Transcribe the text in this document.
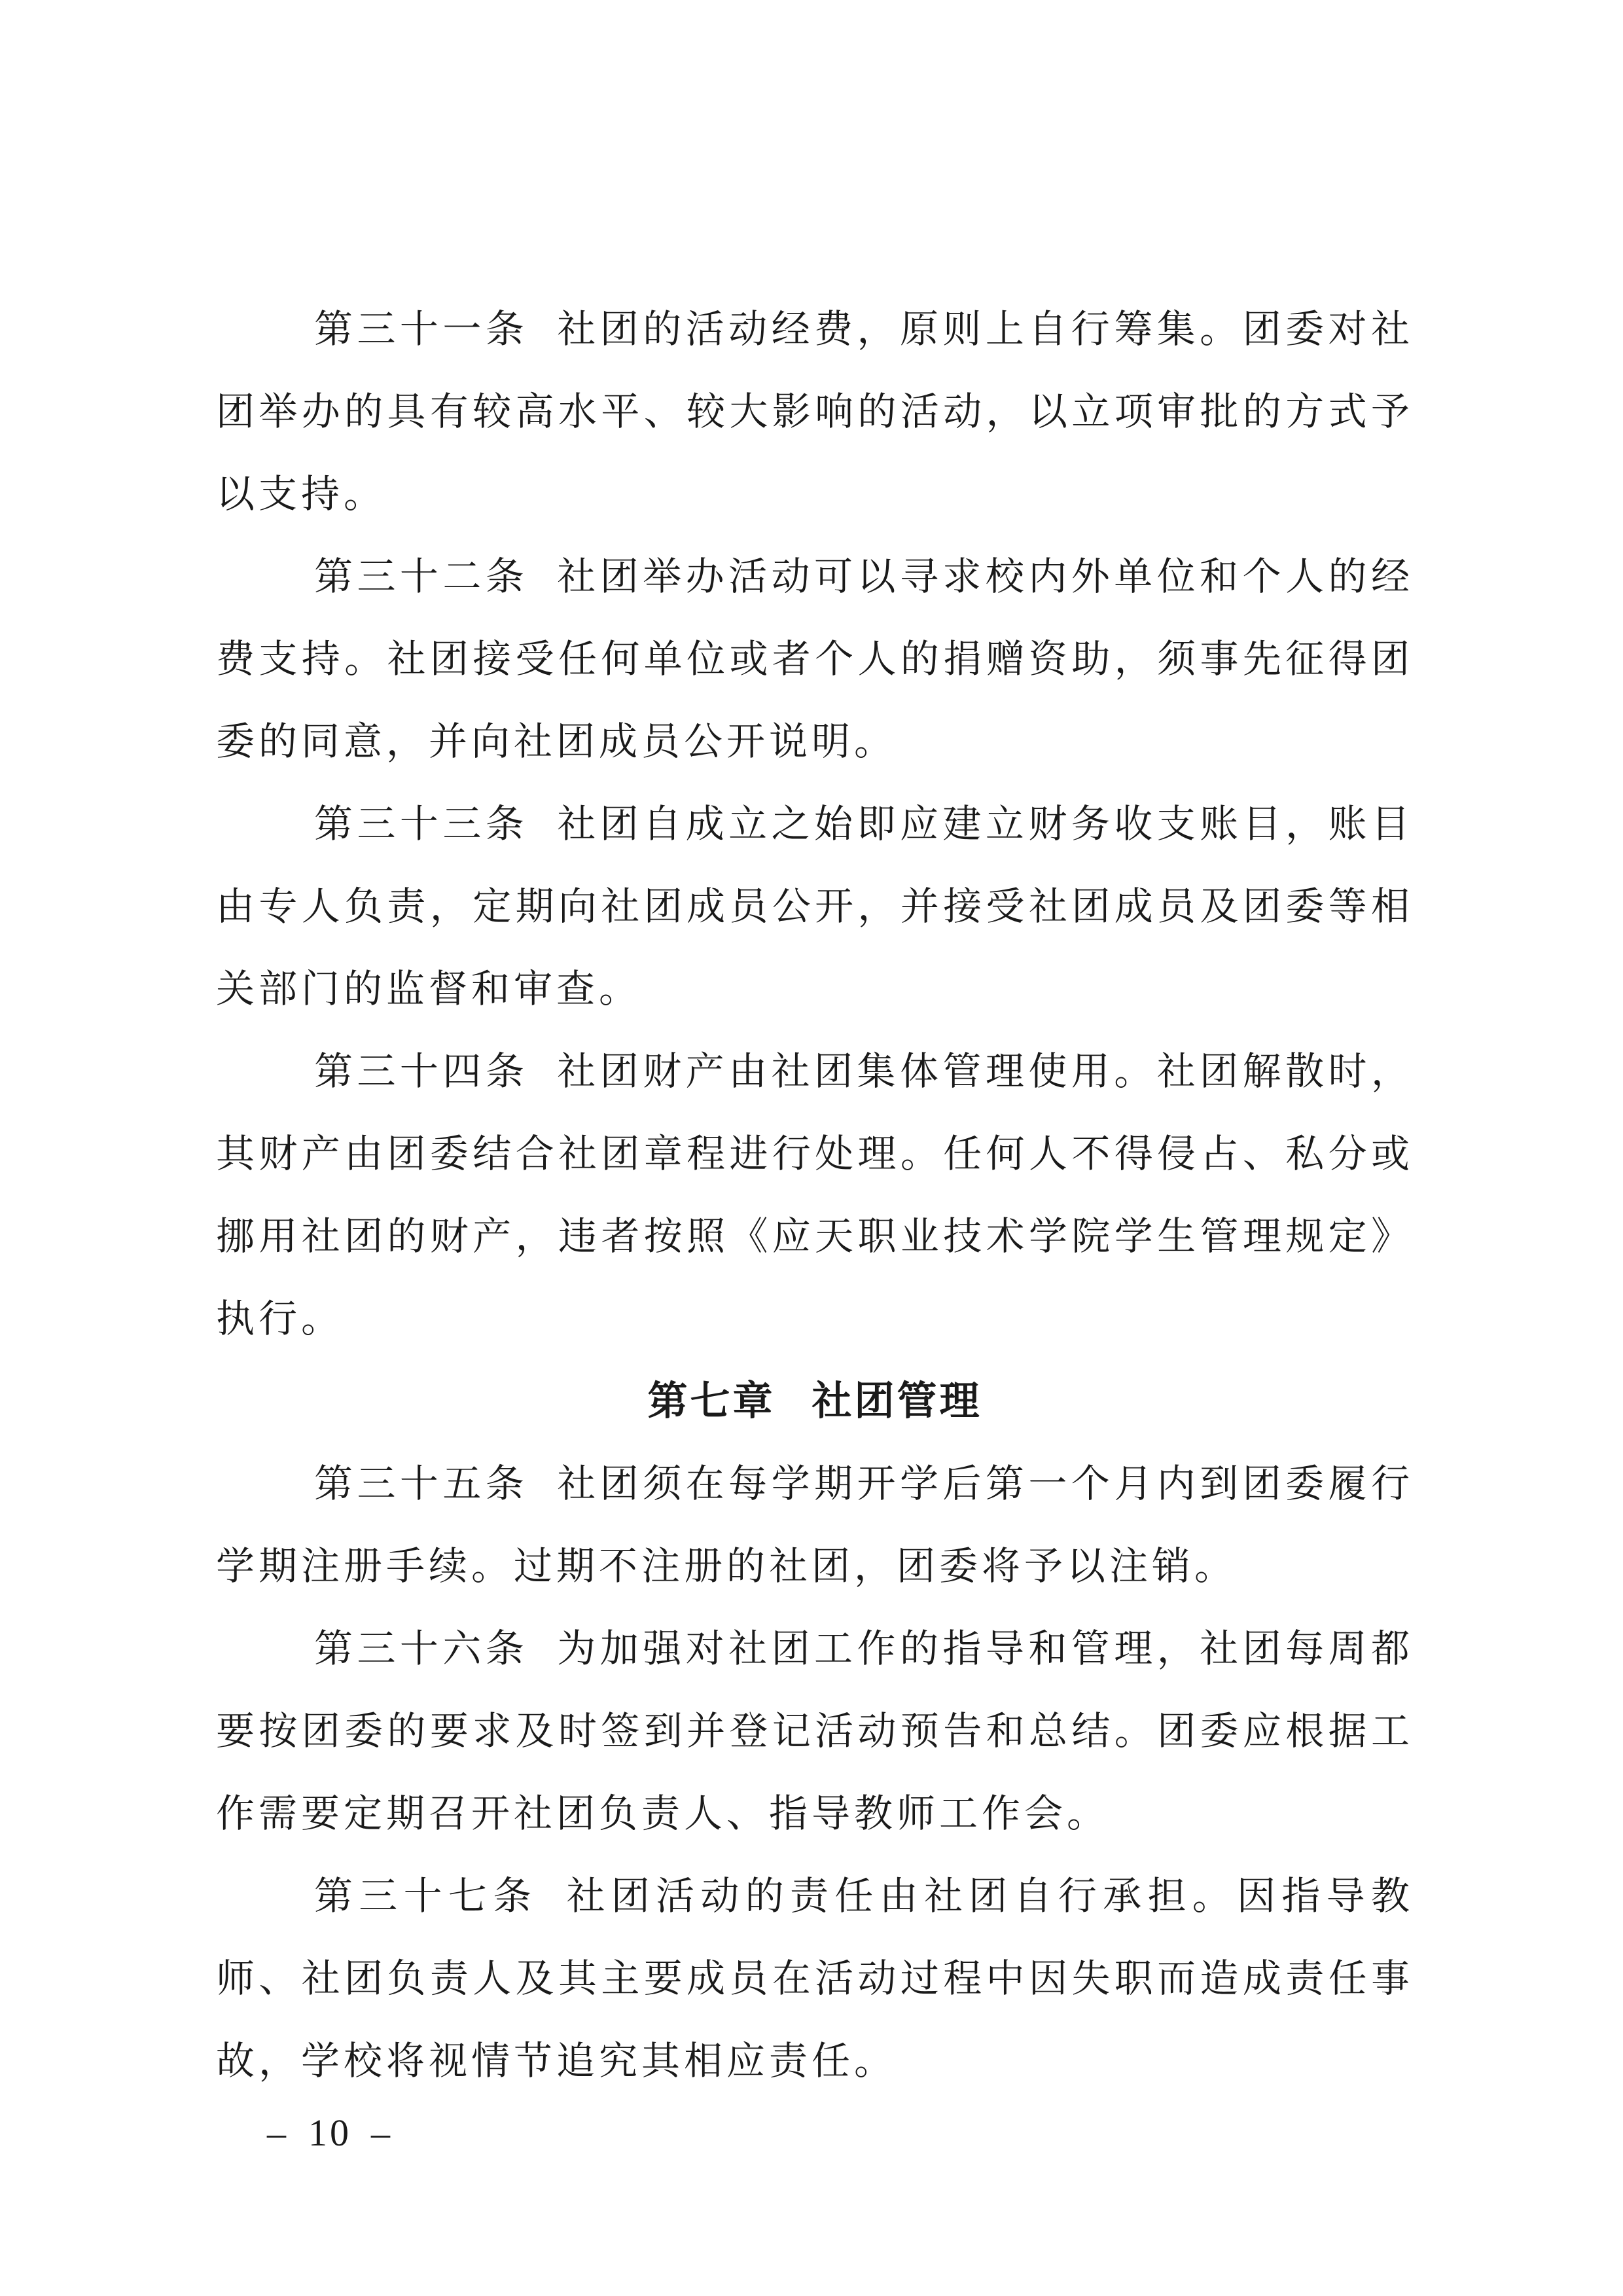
第三十一条 社团的活动经费，原则上自行筹集。团委对社团举办的具有较高水平、较大影响的活动，以立项审批的方式予以支持。

第三十二条 社团举办活动可以寻求校内外单位和个人的经费支持。社团接受任何单位或者个人的捐赠资助，须事先征得团委的同意，并向社团成员公开说明。

第三十三条 社团自成立之始即应建立财务收支账目，账目由专人负责，定期向社团成员公开，并接受社团成员及团委等相关部门的监督和审查。

第三十四条 社团财产由社团集体管理使用。社团解散时，其财产由团委结合社团章程进行处理。任何人不得侵占、私分或挪用社团的财产，违者按照《应天职业技术学院学生管理规定》执行。

第七章 社团管理

第三十五条 社团须在每学期开学后第一个月内到团委履行学期注册手续。过期不注册的社团，团委将予以注销。

第三十六条 为加强对社团工作的指导和管理，社团每周都要按团委的要求及时签到并登记活动预告和总结。团委应根据工作需要定期召开社团负责人、指导教师工作会。

第三十七条 社团活动的责任由社团自行承担。因指导教师、社团负责人及其主要成员在活动过程中因失职而造成责任事故，学校将视情节追究其相应责任。

– 10 –
